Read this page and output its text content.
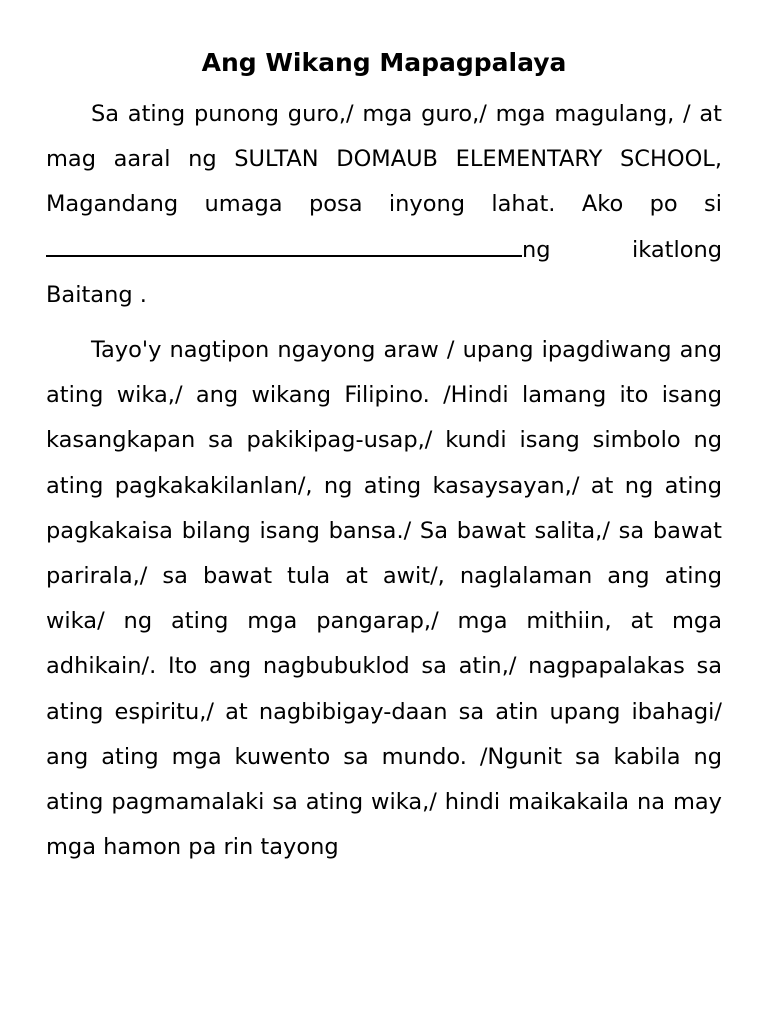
Ang Wikang Mapagpalaya

Sa ating punong guro,/ mga guro,/ mga magulang, / at mag aaral ng SULTAN DOMAUB ELEMENTARY SCHOOL, Magandang umaga posa inyong lahat. Ako po si ng ikatlong Baitang .

Tayo'y nagtipon ngayong araw / upang ipagdiwang ang ating wika,/ ang wikang Filipino. /Hindi lamang ito isang kasangkapan sa pakikipag-usap,/ kundi isang simbolo ng ating pagkakakilanlan/, ng ating kasaysayan,/ at ng ating pagkakaisa bilang isang bansa./ Sa bawat salita,/ sa bawat parirala,/ sa bawat tula at awit/, naglalaman ang ating wika/ ng ating mga pangarap,/ mga mithiin, at mga adhikain/. Ito ang nagbubuklod sa atin,/ nagpapalakas sa ating espiritu,/ at nagbibigay-daan sa atin upang ibahagi/ ang ating mga kuwento sa mundo. /Ngunit sa kabila ng ating pagmamalaki sa ating wika,/ hindi maikakaila na may mga hamon pa rin tayong
